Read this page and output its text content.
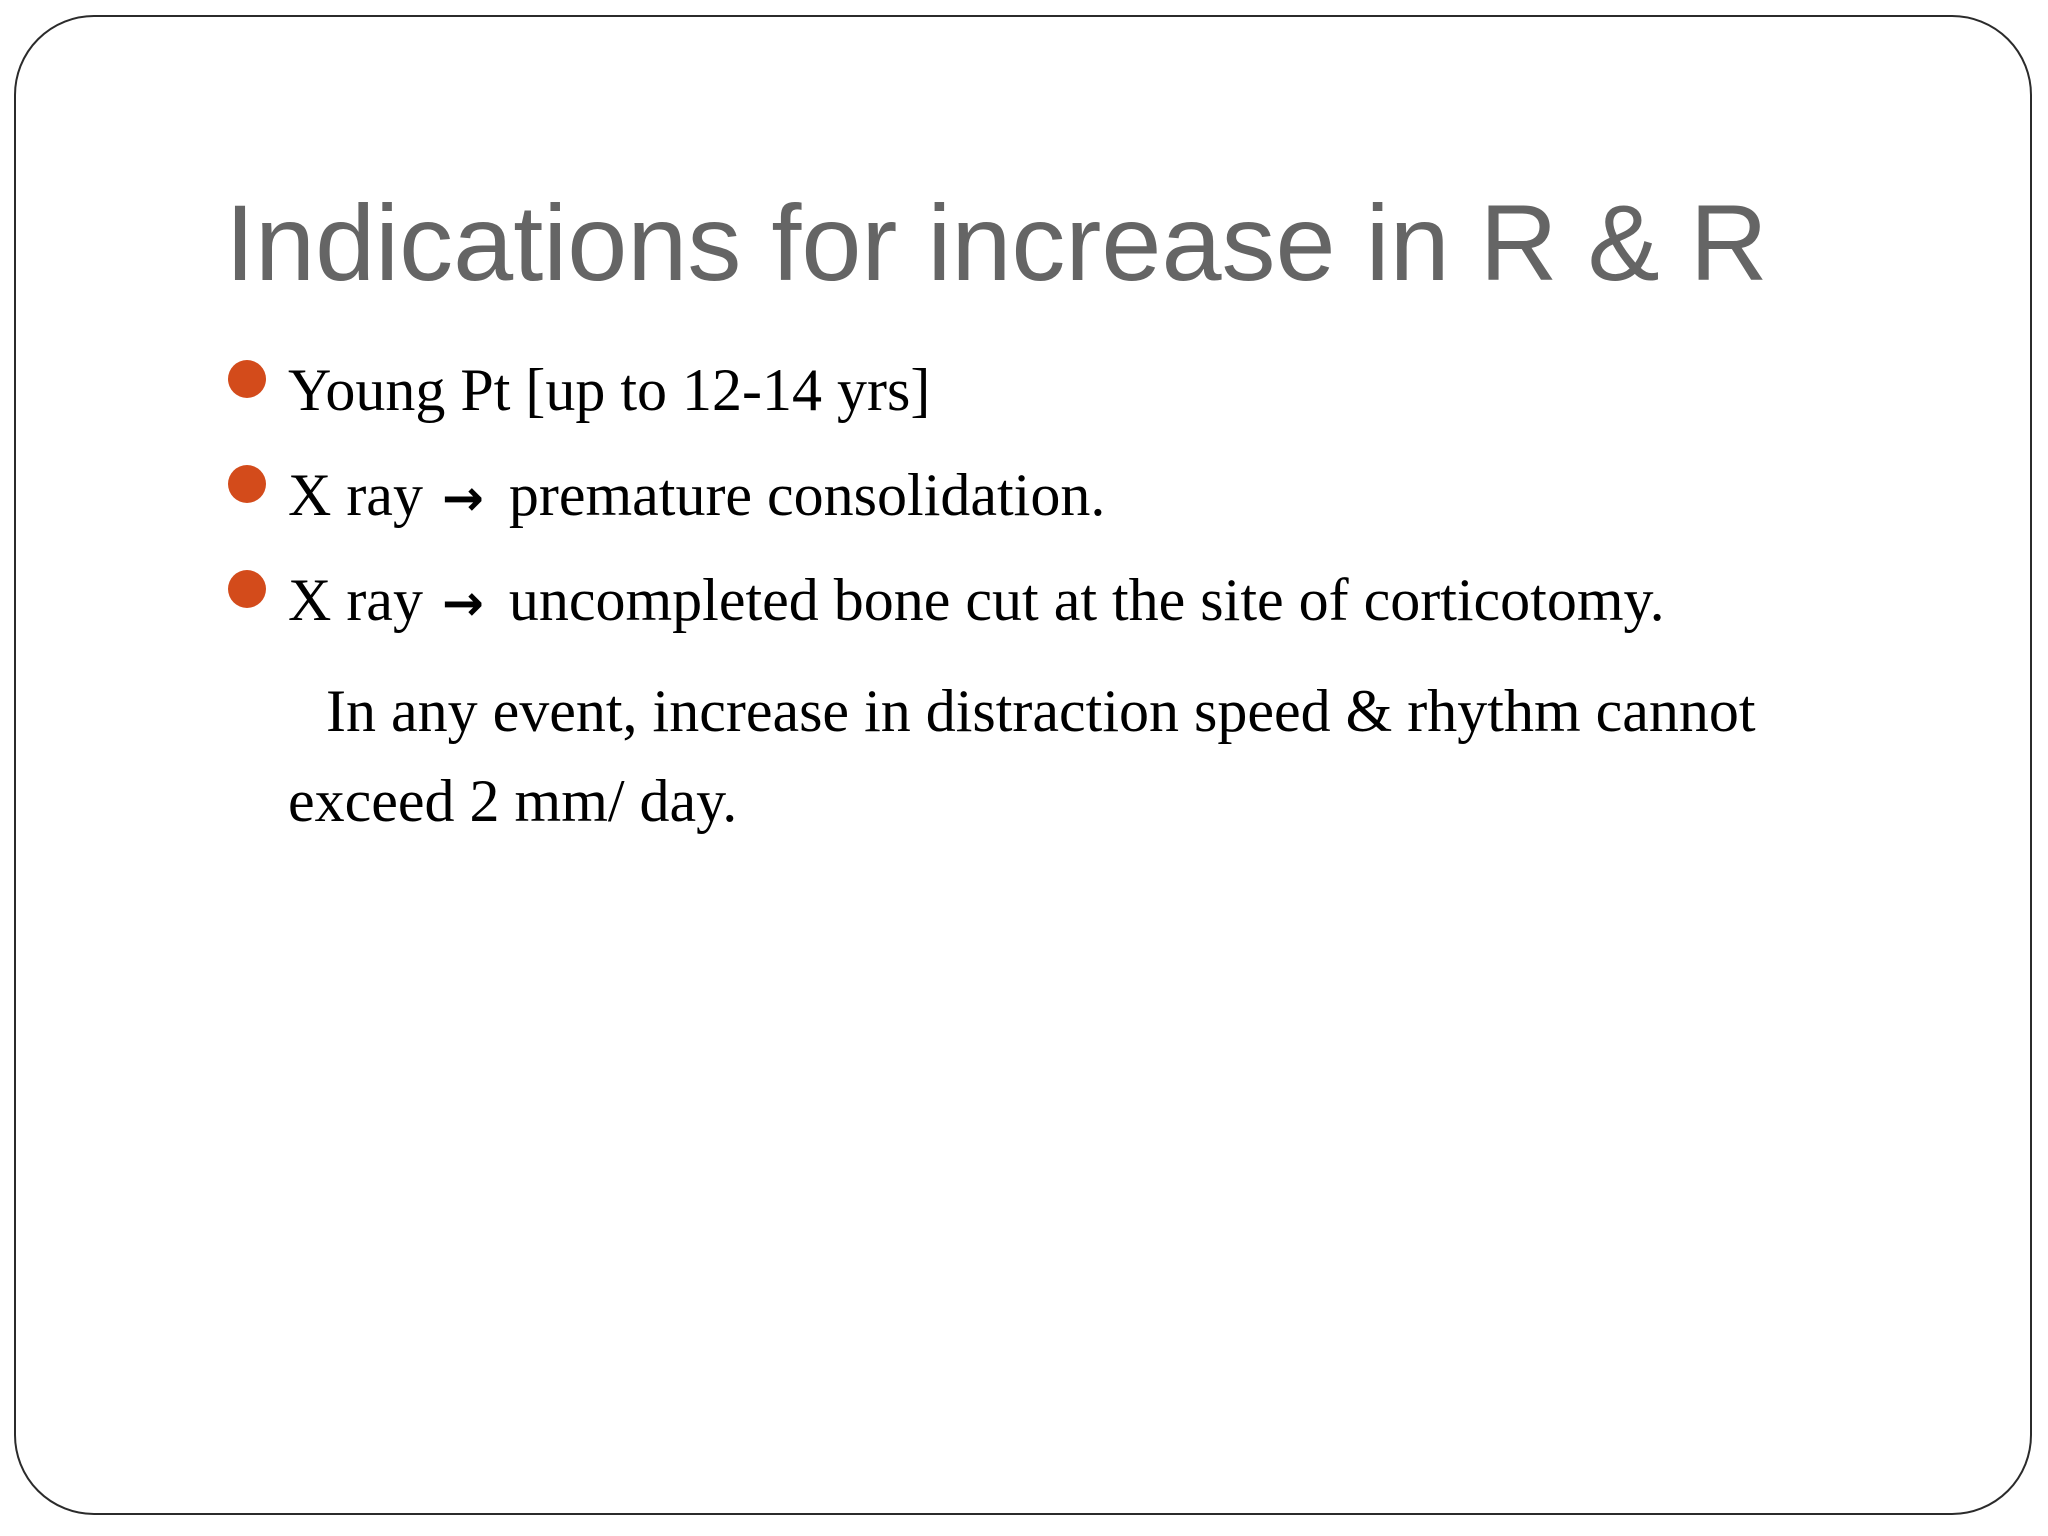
Indications for increase in R & R
Young Pt [up to 12-14 yrs]
X ray → premature consolidation.
X ray → uncompleted bone cut at the site of corticotomy.

In any event, increase in distraction speed & rhythm cannot exceed 2 mm/ day.
